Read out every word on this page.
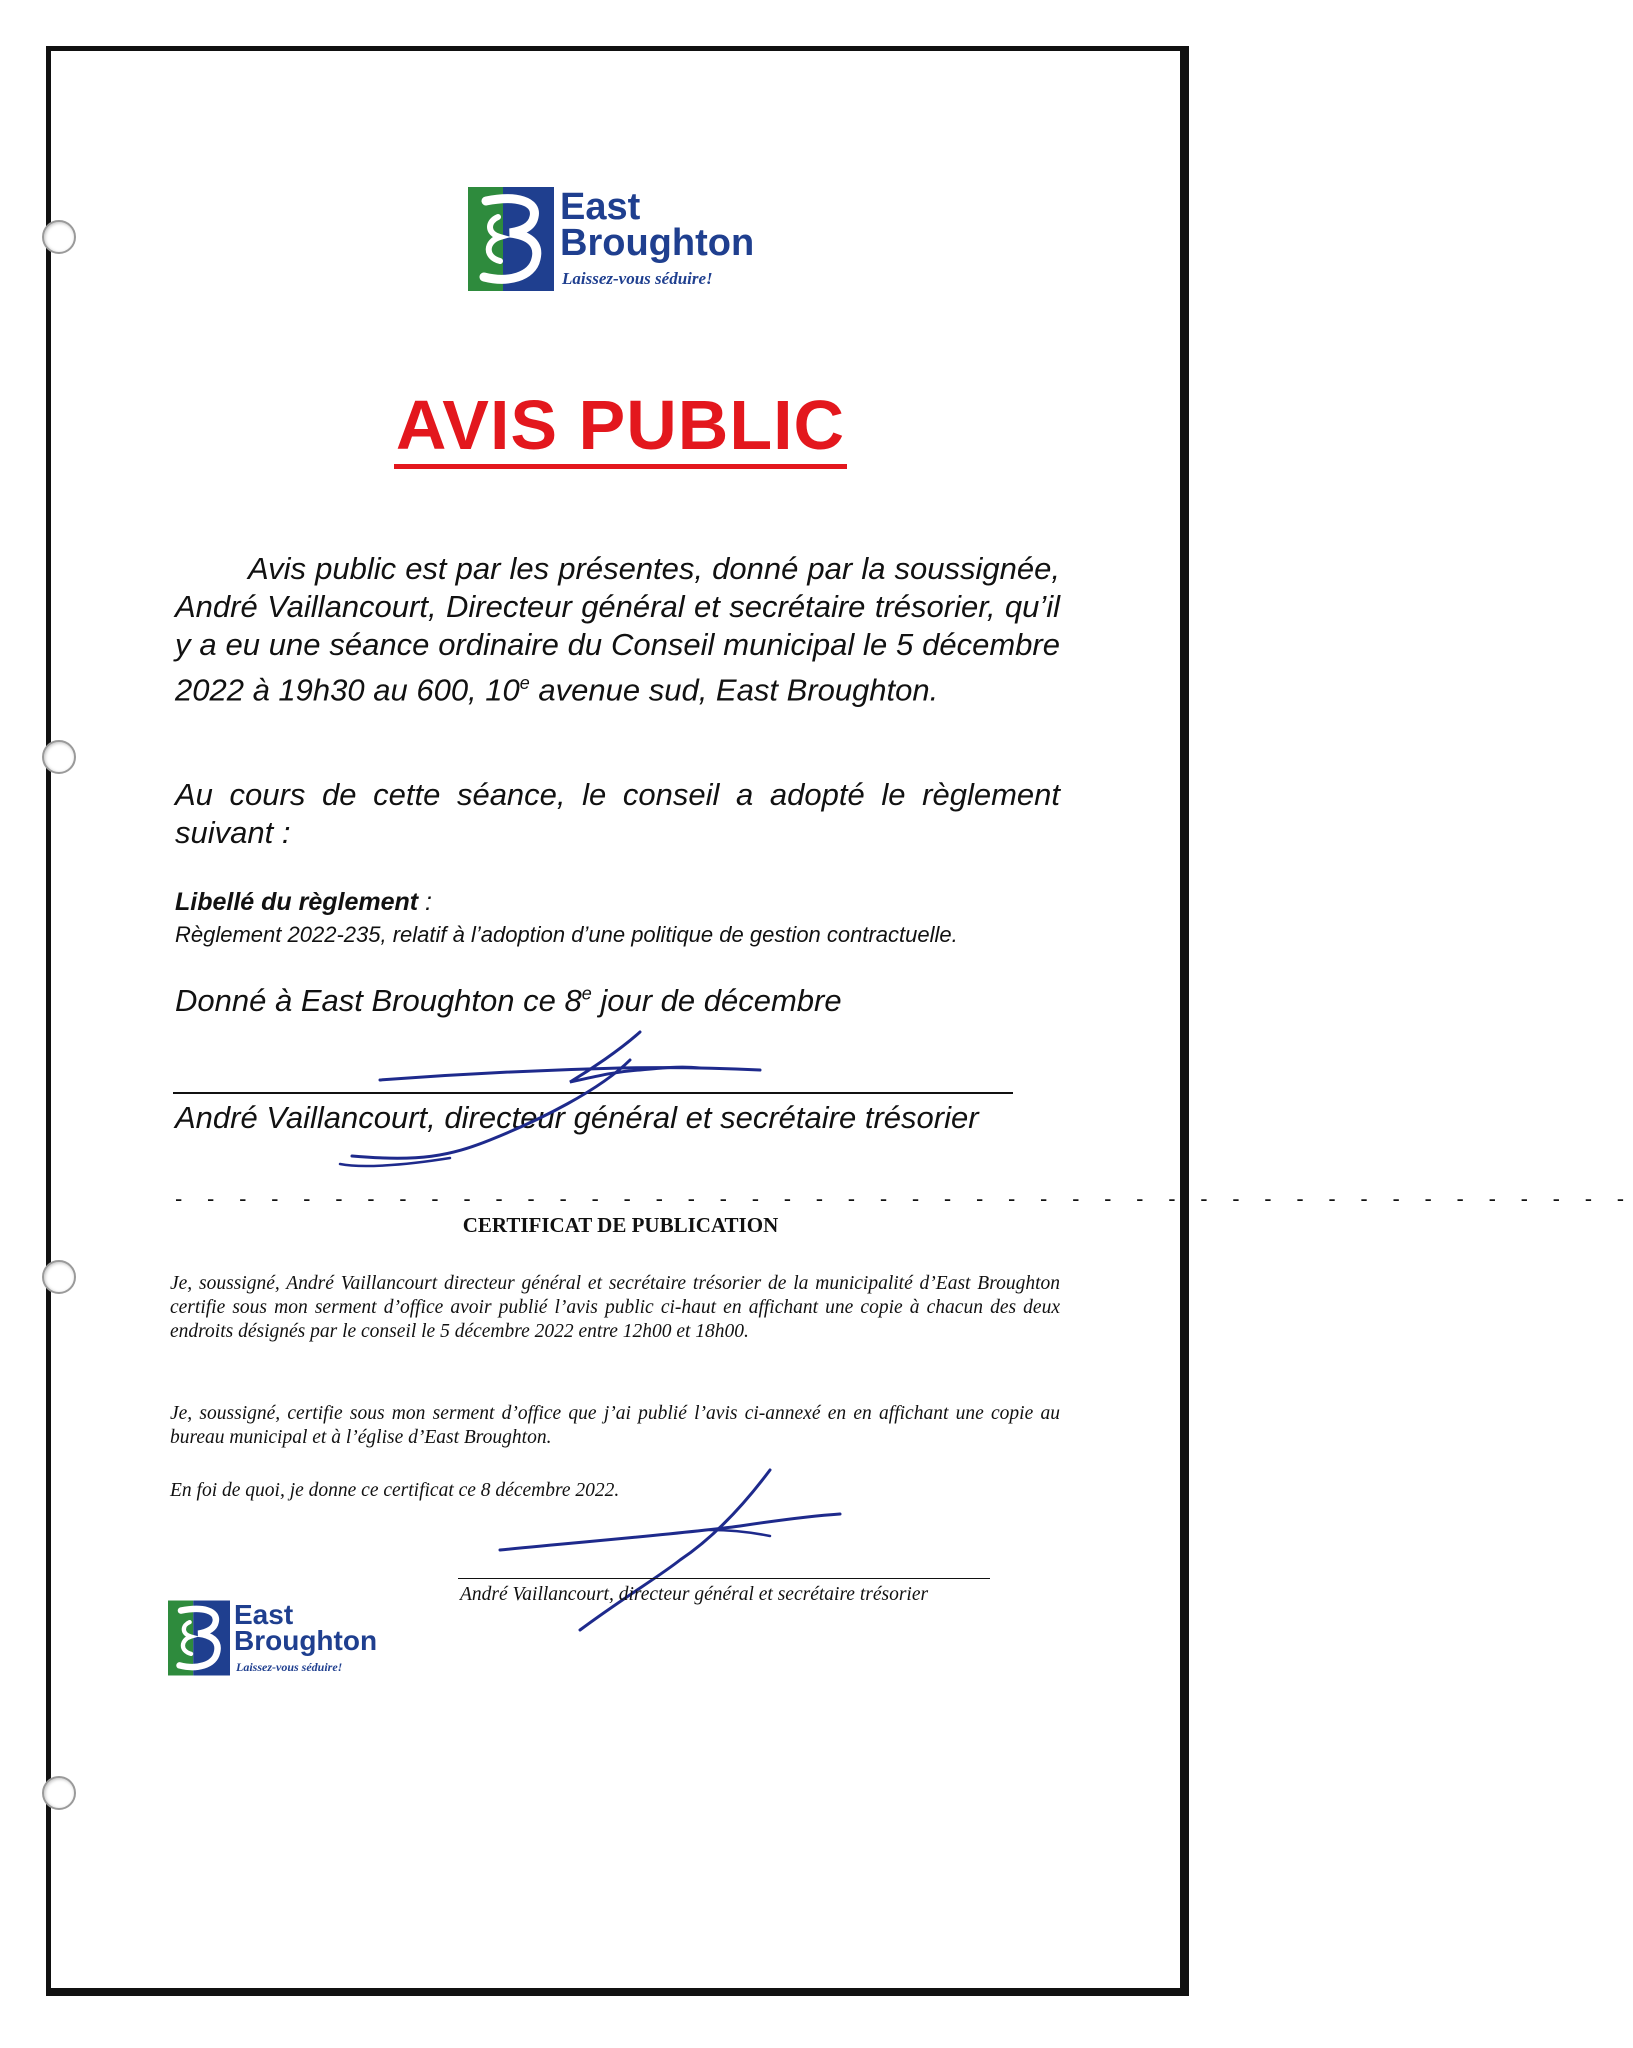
East
Broughton
Laissez-vous séduire!
AVIS PUBLIC
Avis public est par les présentes, donné par la soussignée, André Vaillancourt, Directeur général et secrétaire trésorier, qu’il y a eu une séance ordinaire du Conseil municipal le 5 décembre 2022 à 19h30 au 600, 10e avenue sud, East Broughton.
Au cours de cette séance, le conseil a adopté le règlement suivant :
Libellé du règlement :
Règlement 2022-235, relatif à l’adoption d’une politique de gestion contractuelle.
Donné à East Broughton ce 8e jour de décembre
André Vaillancourt, directeur général et secrétaire trésorier
- - - - - - - - - - - - - - - - - - - - - - - - - - - - - - - - - - - - - - - - - - - - - -
CERTIFICAT DE PUBLICATION
Je, soussigné, André Vaillancourt directeur général et secrétaire trésorier de la municipalité d’East Broughton certifie sous mon serment d’office avoir publié l’avis public ci-haut en affichant une copie à chacun des deux endroits désignés par le conseil le 5 décembre 2022 entre 12h00 et 18h00.
Je, soussigné, certifie sous mon serment d’office que j’ai publié l’avis ci-annexé en en affichant une copie au bureau municipal et à l’église d’East Broughton.
En foi de quoi, je donne ce certificat ce 8 décembre 2022.
André Vaillancourt, directeur général et secrétaire trésorier
East
Broughton
Laissez-vous séduire!
